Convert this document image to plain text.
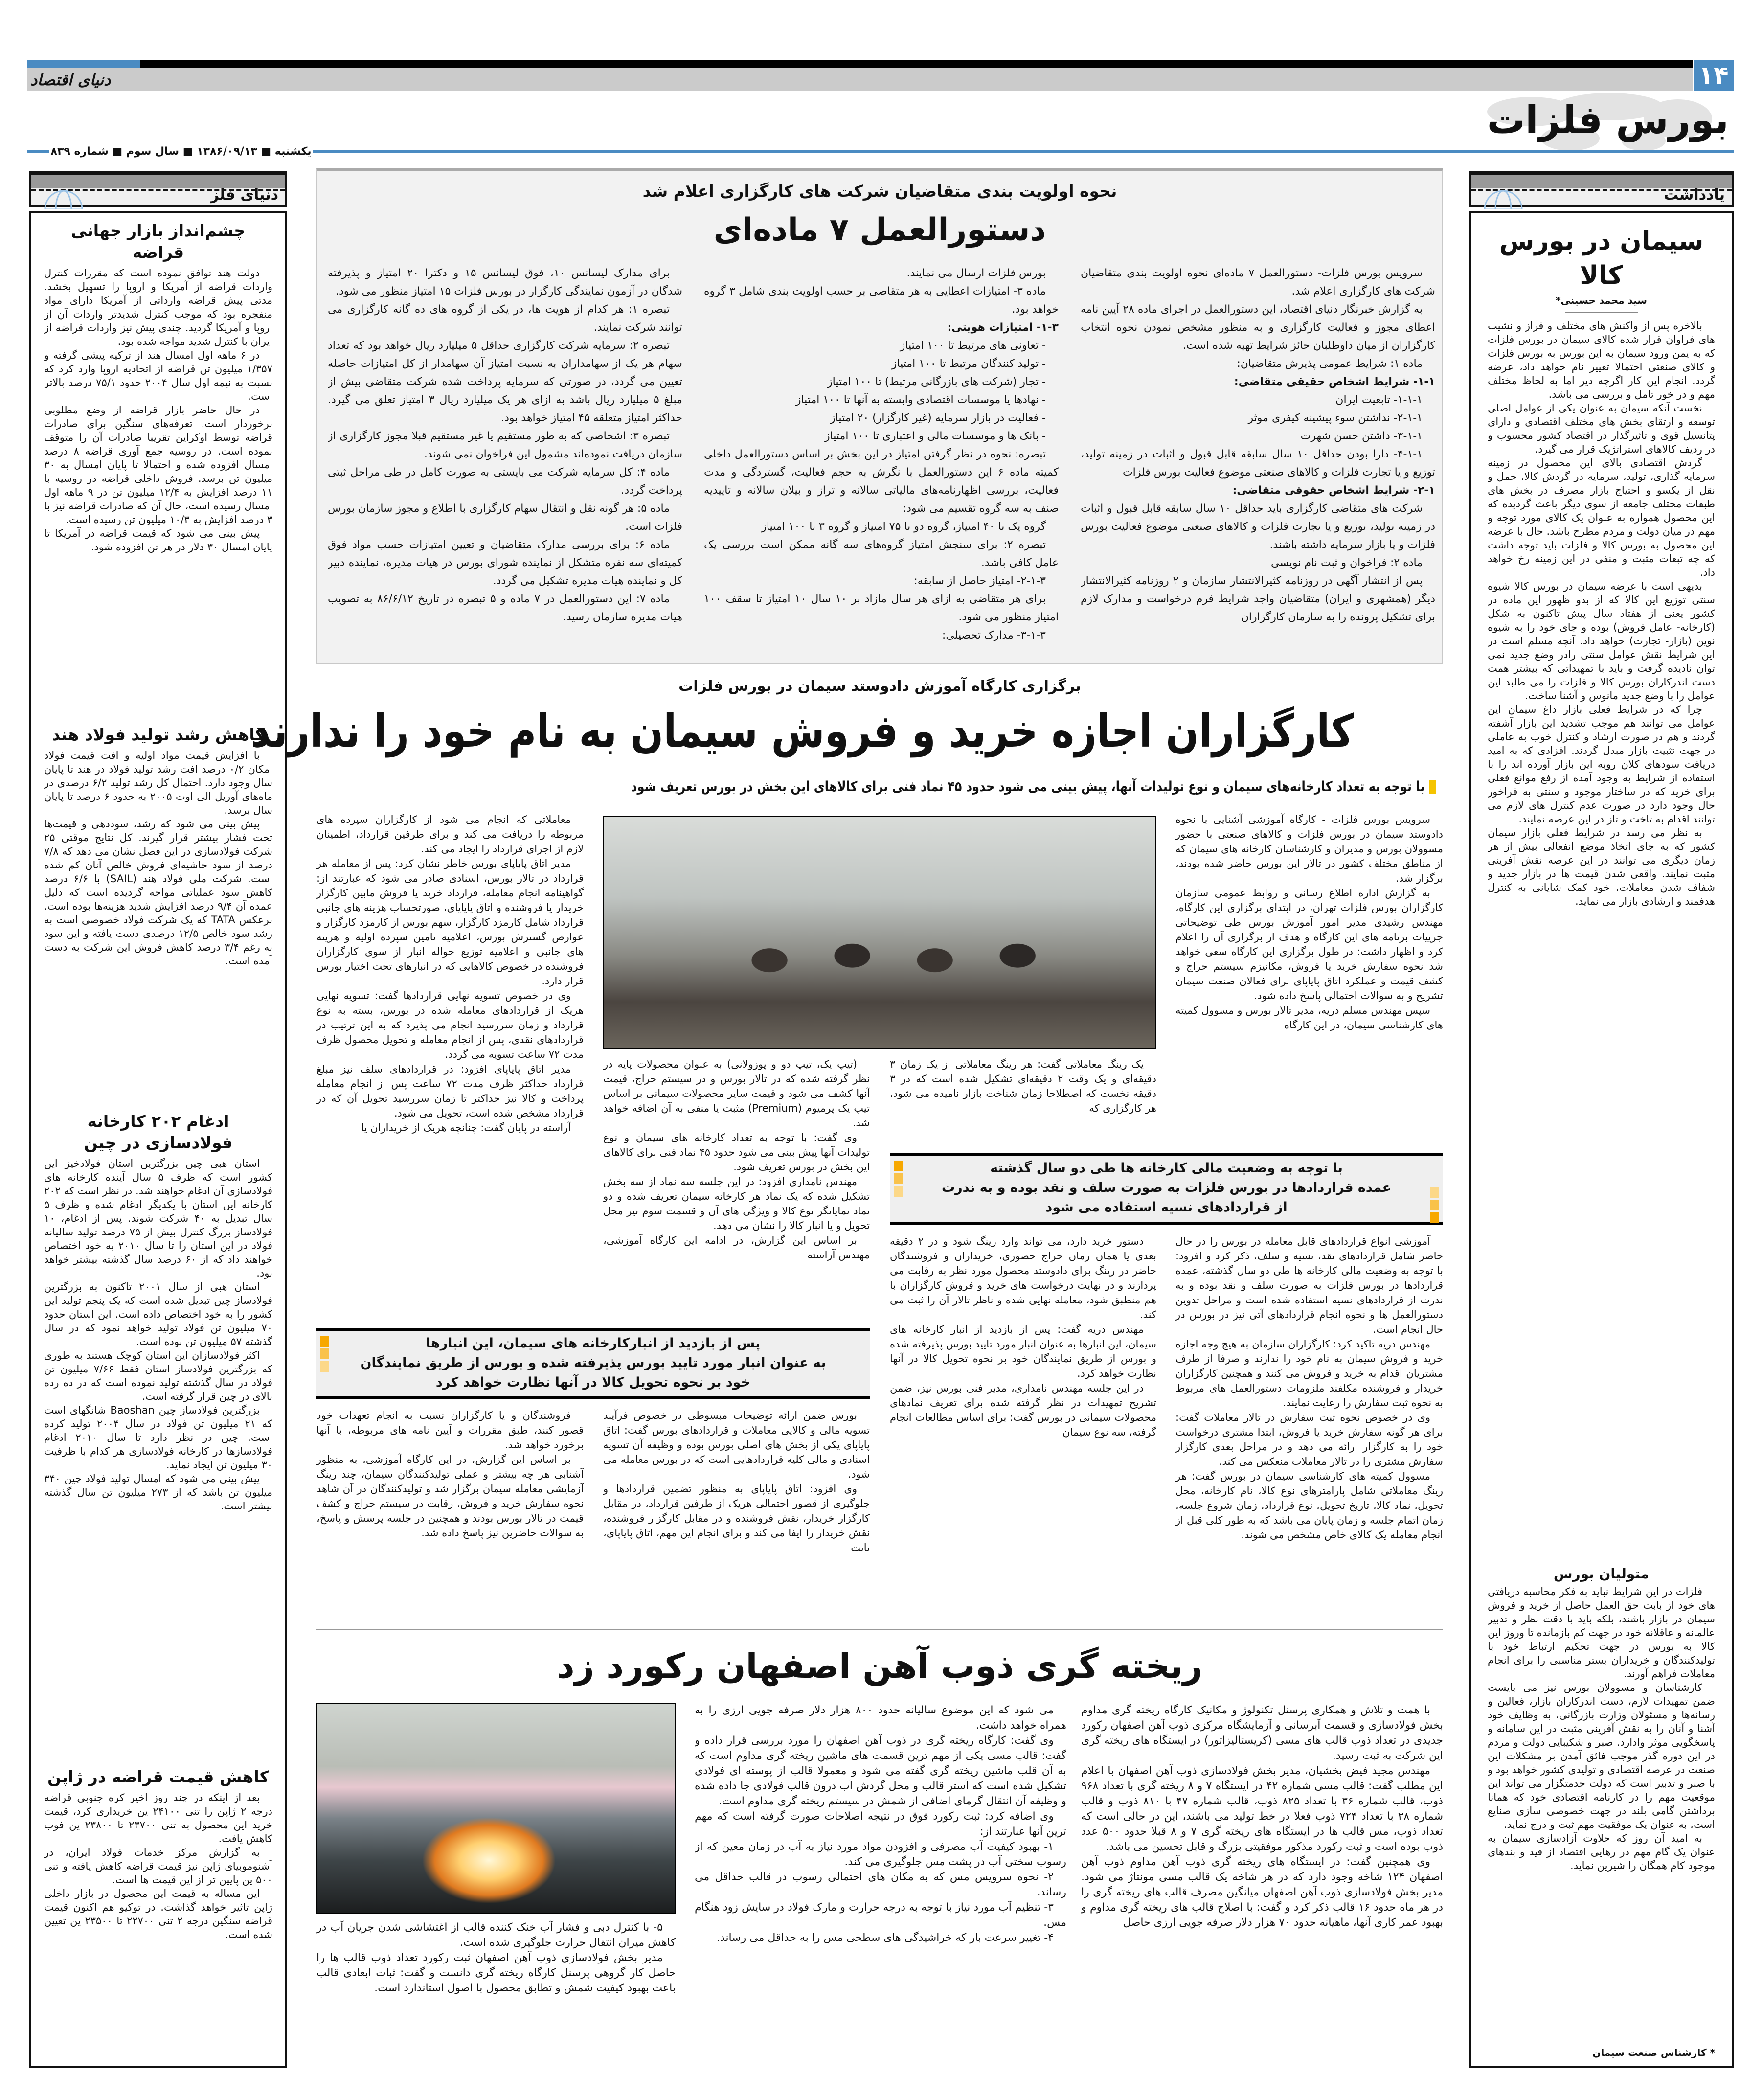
۱۴
دنیای اقتصاد
بورس فلزات
یکشنبه ■ ۱۳۸۶/۰۹/۱۳ ■ سال سوم ■ شماره ۸۳۹
دنیای فلز
چشم‌انداز بازار جهانی قراضه

دولت هند توافق نموده است که مقررات کنترل واردات قراضه از آمریکا و اروپا را تسهیل بخشد. مدتی پیش قراضه وارداتی از آمریکا دارای مواد منفجره بود که موجب کنترل شدیدتر واردات آن از اروپا و آمریکا گردید. چندی پیش نیز واردات قراضه از ایران با کنترل شدید مواجه شده بود.

در ۶ ماهه اول امسال هند از ترکیه پیشی گرفته و ۱/۳۵۷ میلیون تن قراضه از اتحادیه اروپا وارد کرد که نسبت به نیمه اول سال ۲۰۰۴ حدود ۷۵/۱ درصد بالاتر است.

در حال حاضر بازار قراضه از وضع مطلوبی برخوردار است. تعرفه‌های سنگین برای صادرات قراضه توسط اوکراین تقریبا صادرات آن را متوقف نموده است. در روسیه جمع آوری قراضه ۸ درصد امسال افزوده شده و احتمالا تا پایان امسال به ۳۰ میلیون تن برسد. فروش داخلی قراضه در روسیه با ۱۱ درصد افزایش به ۱۲/۴ میلیون تن در ۹ ماهه اول امسال رسیده است، حال آن که صادرات قراضه نیز با ۳ درصد افزایش به ۱۰/۳ میلیون تن رسیده است.

پیش بینی می شود که قیمت قراضه در آمریکا تا پایان امسال ۳۰ دلار در هر تن افزوده شود.

کاهش رشد تولید فولاد هند

با افزایش قیمت مواد اولیه و افت قیمت فولاد امکان ۰/۲ درصد افت رشد تولید فولاد در هند تا پایان سال وجود دارد. احتمال کل رشد تولید ۶/۲ درصدی در ماه‌های آوریل الی اوت ۲۰۰۵ به حدود ۶ درصد تا پایان سال برسد.

پیش بینی می شود که رشد، سوددهی و قیمت‌ها تحت فشار بیشتر قرار گیرند. کل نتایج موقتی ۲۵ شرکت فولادسازی در این فصل نشان می دهد که ۷/۸ درصد از سود حاشیه‌ای فروش خالص آنان کم شده است. شرکت ملی فولاد هند (SAIL) با ۶/۶ درصد کاهش سود عملیاتی مواجه گردیده است که دلیل عمده آن ۹/۴ درصد افزایش شدید هزینه‌ها بوده است. برعکس TATA که یک شرکت فولاد خصوصی است به رشد سود خالص ۱۲/۵ درصدی دست یافته و این سود به رغم ۳/۴ درصد کاهش فروش این شرکت به دست آمده است.

ادغام ۲۰۲ کارخانه فولادسازی در چین

استان هبی چین بزرگترین استان فولادخیز این کشور است که ظرف ۵ سال آینده کارخانه های فولادسازی آن ادغام خواهند شد. در نظر است که ۲۰۲ کارخانه این استان با یکدیگر ادغام شده و ظرف ۵ سال تبدیل به ۴۰ شرکت شوند. پس از ادغام، ۱۰ فولادساز بزرگ کنترل بیش از ۷۵ درصد تولید سالیانه فولاد در این استان را تا سال ۲۰۱۰ به خود اختصاص خواهند داد که از ۶۰ درصد سال گذشته بیشتر خواهد بود.

استان هبی از سال ۲۰۰۱ تاکنون به بزرگترین فولادساز چین تبدیل شده است که یک پنجم تولید این کشور را به خود اختصاص داده است. این استان حدود ۷۰ میلیون تن فولاد تولید خواهد نمود که در سال گذشته ۵۷ میلیون تن بوده است.

اکثر فولادسازان این استان کوچک هستند به طوری که بزرگترین فولادساز استان فقط ۷/۶۶ میلیون تن فولاد در سال گذشته تولید نموده است که در ده رده بالای در چین قرار گرفته است.

بزرگترین فولادساز چین Baoshan شانگهای است که ۲۱ میلیون تن فولاد در سال ۲۰۰۴ تولید کرده است. چین در نظر دارد تا سال ۲۰۱۰ ادغام فولادسازها در کارخانه فولادسازی هر کدام با ظرفیت ۳۰ میلیون تن ایجاد نماید.

پیش بینی می شود که امسال تولید فولاد چین ۳۴۰ میلیون تن باشد که از ۲۷۳ میلیون تن سال گذشته بیشتر است.

کاهش قیمت قراضه در ژاپن

بعد از اینکه در چند روز اخیر کره جنوبی قراضه درجه ۲ ژاپن را تنی ۲۴۱۰۰ ین خریداری کرد، قیمت خرید این محصول به تنی ۲۳۷۰۰ تا ۲۳۸۰۰ ین فوب کاهش یافت.

به گزارش مرکز خدمات فولاد ایران، در آشنوموبیای ژاپن نیز قیمت قراضه کاهش یافته و تنی ۵۰۰ ین پایین تر از این قیمت ها است.

این مساله به قیمت این محصول در بازار داخلی ژاپن تاثیر خواهد گذاشت. در توکیو هم اکنون قیمت قراضه سنگین درجه ۲ تنی ۲۲۷۰۰ تا ۲۳۵۰۰ ین تعیین شده است.

یادداشت
سیمان در بورس کالا
سید محمد حسینی*

بالاخره پس از واکنش های مختلف و فراز و نشیب های فراوان قرار شده کالای سیمان در بورس فلزات که به یمن ورود سیمان به این بورس به بورس فلزات و کالای صنعتی احتمالا تغییر نام خواهد داد، عرضه گردد. انجام این کار اگرچه دیر اما به لحاظ مختلف مهم و در خور تامل و بررسی می باشد.

نخست آنکه سیمان به عنوان یکی از عوامل اصلی توسعه و ارتقای بخش های مختلف اقتصادی و دارای پتانسیل قوی و تاثیرگذار در اقتصاد کشور محسوب و در ردیف کالاهای استراتژیک قرار می گیرد.

گردش اقتصادی بالای این محصول در زمینه سرمایه گذاری، تولید، سرمایه در گردش کالا، حمل و نقل از یکسو و احتیاج بازار مصرف در بخش های طبقات مختلف جامعه از سوی دیگر باعث گردیده که این محصول همواره به عنوان یک کالای مورد توجه و مهم در میان دولت و مردم مطرح باشد. حال با عرضه این محصول به بورس کالا و فلزات باید توجه داشت که چه تبعات مثبت و منفی در این زمینه رخ خواهد داد.

بدیهی است با عرضه سیمان در بورس کالا شیوه سنتی توزیع این کالا که از بدو ظهور این ماده در کشور یعنی از هفتاد سال پیش تاکنون به شکل (کارخانه- عامل فروش) بوده و جای خود را به شیوه نوین (بازار- تجارت) خواهد داد. آنچه مسلم است در این شرایط نقش عوامل سنتی رادر وضع جدید نمی توان نادیده گرفت و باید با تمهیداتی که بیشتر همت دست اندرکاران بورس کالا و فلزات را می طلبد این عوامل را با وضع جدید مانوس و آشنا ساخت.

چرا که در شرایط فعلی بازار داغ سیمان این عوامل می توانند هم موجب تشدید این بازار آشفته گردند و هم در صورت ارشاد و کنترل خوب به عاملی در جهت تثبیت بازار مبدل گردند. افزادی که به امید دریافت سودهای کلان روبه این بازار آورده اند را با استفاده از شرایط به وجود آمده از رفع موانع فعلی برای خرید که در ساختار موجود و سنتی به فراخور حال وجود دارد در صورت عدم کنترل های لازم می توانند اقدام به تاخت و تاز در این عرصه نمایند.

به نظر می رسد در شرایط فعلی بازار سیمان کشور که به جای اتخاذ موضع انفعالی بیش از هر زمان دیگری می توانند در این عرصه نقش آفرینی مثبت نمایند. واقعی شدن قیمت ها در بازار جدید و شفاف شدن معاملات، خود کمک شایانی به کنترل هدفمند و ارشادی بازار می نماید.

متولیان بورس

فلزات در این شرایط نباید به فکر محاسبه دریافتی های خود از بابت حق العمل حاصل از خرید و فروش سیمان در بازار باشند، بلکه باید با دقت نظر و تدبیر عالمانه و عاقلانه خود در جهت کم بازمانده تا وروز این کالا به بورس در جهت تحکیم ارتباط خود با تولیدکنندگان و خریداران بستر مناسبی را برای انجام معاملات فراهم آورند.

کارشناسان و مسوولان بورس نیز می بایست ضمن تمهیدات لازم، دست اندرکاران بازار، فعالین و رسانه‌ها و مسئولان وزارت بازرگانی، به وظایف خود آشنا و آنان را به نقش آفرینی مثبت در این سامانه و پاسخگویی موثر وادارد. صبر و شکیبایی دولت و مردم در این دوره گذر موجب فائق آمدن بر مشکلات این صنعت در عرصه اقتصادی و تولیدی کشور خواهد بود و با صبر و تدبیر است که دولت خدمتگزار می تواند این موقعیت مهم را در کارنامه اقتصادی خود که همانا برداشتن گامی بلند در جهت خصوصی سازی صنایع است، به عنوان یک موفقیت مهم ثبت و درج نماید.

به امید آن روز که حلاوت آزادسازی سیمان به عنوان یک گام مهم در رهایی اقتصاد از قید و بندهای موجود کام همگان را شیرین نماید.

* کارشناس صنعت سیمان
نحوه اولویت بندی متقاضیان شرکت های کارگزاری اعلام شد
دستورالعمل ۷ ماده‌ای

سرویس بورس فلزات- دستورالعمل ۷ ماده‌ای نحوه اولویت بندی متقاضیان شرکت های کارگزاری اعلام شد.

به گزارش خبرنگار دنیای اقتصاد، این دستورالعمل در اجرای ماده ۲۸ آیین نامه اعطای مجوز و فعالیت کارگزاری و به منظور مشخص نمودن نحوه انتخاب کارگزاران از میان داوطلبان حائز شرایط تهیه شده است.

ماده ۱: شرایط عمومی پذیرش متقاضیان:

۱-۱- شرایط اشخاص حقیقی متقاضی:

۱-۱-۱- تابعیت ایران

۲-۱-۱- نداشتن سوء پیشینه کیفری موثر

۳-۱-۱- داشتن حسن شهرت

۴-۱-۱- دارا بودن حداقل ۱۰ سال سابقه قابل قبول و اثبات در زمینه تولید، توزیع و یا تجارت فلزات و کالاهای صنعتی موضوع فعالیت بورس فلزات

۲-۱- شرایط اشخاص حقوقی متقاضی:

شرکت های متقاضی کارگزاری باید حداقل ۱۰ سال سابقه قابل قبول و اثبات در زمینه تولید، توزیع و یا تجارت فلزات و کالاهای صنعتی موضوع فعالیت بورس فلزات و یا بازار سرمایه داشته باشند.

ماده ۲: فراخوان و ثبت نام نویسی

پس از انتشار آگهی در روزنامه کثیرالانتشار سازمان و ۲ روزنامه کثیرالانتشار دیگر (همشهری و ایران) متقاضیان واجد شرایط فرم درخواست و مدارک لازم برای تشکیل پرونده را به سازمان کارگزاران

بورس فلزات ارسال می نمایند.

ماده ۳- امتیازات اعطایی به هر متقاضی بر حسب اولویت بندی شامل ۳ گروه خواهد بود.

۱-۳- امتیازات هویتی:

- تعاونی های مرتبط تا ۱۰۰ امتیاز

- تولید کنندگان مرتبط تا ۱۰۰ امتیاز

- تجار (شرکت های بازرگانی مرتبط) تا ۱۰۰ امتیاز

- نهادها یا موسسات اقتصادی وابسته به آنها تا ۱۰۰ امتیاز

- فعالیت در بازار سرمایه (غیر کارگزار) ۲۰ امتیاز

- بانک ها و موسسات مالی و اعتباری تا ۱۰۰ امتیاز

تبصره: نحوه در نظر گرفتن امتیاز در این بخش بر اساس دستورالعمل داخلی کمیته ماده ۶ این دستورالعمل با نگرش به حجم فعالیت، گستردگی و مدت فعالیت، بررسی اظهارنامه‌های مالیاتی سالانه و تراز و بیلان سالانه و تاییدیه صنف به سه گروه تقسیم می شود:

گروه یک تا ۴۰ امتیاز، گروه دو تا ۷۵ امتیاز و گروه ۳ تا ۱۰۰ امتیاز

تبصره ۲: برای سنجش امتیاز گروه‌های سه گانه ممکن است بررسی یک عامل کافی باشد.

۲-۱-۳- امتیاز حاصل از سابقه:

برای هر متقاضی به ازای هر سال مازاد بر ۱۰ سال ۱۰ امتیاز تا سقف ۱۰۰ امتیاز منظور می شود.

۳-۱-۳- مدارک تحصیلی:

برای مدارک لیسانس ۱۰، فوق لیسانس ۱۵ و دکترا ۲۰ امتیاز و پذیرفته شدگان در آزمون نمایندگی کارگزار در بورس فلزات ۱۵ امتیاز منظور می شود.

تبصره ۱: هر کدام از هویت ها، در یکی از گروه های ده گانه کارگزاری می توانند شرکت نمایند.

تبصره ۲: سرمایه شرکت کارگزاری حداقل ۵ میلیارد ریال خواهد بود که تعداد سهام هر یک از سهامداران به نسبت امتیاز آن سهامدار از کل امتیازات حاصله تعیین می گردد، در صورتی که سرمایه پرداخت شده شرکت متقاضی بیش از مبلغ ۵ میلیارد ریال باشد به ازای هر یک میلیارد ریال ۳ امتیاز تعلق می گیرد. حداکثر امتیاز متعلقه ۴۵ امتیاز خواهد بود.

تبصره ۳: اشخاصی که به طور مستقیم یا غیر مستقیم قبلا مجوز کارگزاری از سازمان دریافت نموده‌اند مشمول این فراخوان نمی شوند.

ماده ۴: کل سرمایه شرکت می بایستی به صورت کامل در طی مراحل ثبتی پرداخت گردد.

ماده ۵: هر گونه نقل و انتقال سهام کارگزاری با اطلاع و مجوز سازمان بورس فلزات است.

ماده ۶: برای بررسی مدارک متقاضیان و تعیین امتیازات حسب مواد فوق کمیته‌ای سه نفره متشکل از نماینده شورای بورس در هیات مدیره، نماینده دبیر کل و نماینده هیات مدیره تشکیل می گردد.

ماده ۷: این دستورالعمل در ۷ ماده و ۵ تبصره در تاریخ ۸۶/۶/۱۲ به تصویب هیات مدیره سازمان رسید.

برگزاری کارگاه آموزش دادوستد سیمان در بورس فلزات
کارگزاران اجازه خرید و فروش سیمان به نام خود را ندارند
با توجه به تعداد کارخانه‌های سیمان و نوع تولیدات آنها، پیش بینی می شود حدود ۴۵ نماد فنی برای کالاهای این بخش در بورس تعریف شود

سرویس بورس فلزات - کارگاه آموزشی آشنایی با نحوه دادوستد سیمان در بورس فلزات و کالاهای صنعتی با حضور مسوولان بورس و مدیران و کارشناسان کارخانه های سیمان که از مناطق مختلف کشور در تالار این بورس حاضر شده بودند، برگزار شد.

به گزارش اداره اطلاع رسانی و روابط عمومی سازمان کارگزاران بورس فلزات تهران، در ابتدای برگزاری این کارگاه، مهندس رشیدی مدیر امور آموزش بورس طی توضیحاتی جزییات برنامه های این کارگاه و هدف از برگزاری آن را اعلام کرد و اظهار داشت: در طول برگزاری این کارگاه سعی خواهد شد نحوه سفارش خرید یا فروش، مکانیزم سیستم حراج و کشف قیمت و عملکرد اتاق پایاپای برای فعالان صنعت سیمان تشریح و به سوالات احتمالی پاسخ داده شود.

سپس مهندس مسلم دریه، مدیر تالار بورس و مسوول کمیته های کارشناسی سیمان، در این کارگاه

یک رینگ معاملاتی گفت: هر رینگ معاملاتی از یک زمان ۳ دقیقه‌ای و یک وقت ۲ دقیقه‌ای تشکیل شده است که در ۳ دقیقه نخست که اصطلاحا زمان شناخت بازار نامیده می شود، هر کارگزاری که

(تیپ یک، تیپ دو و پوزولانی) به عنوان محصولات پایه در نظر گرفته شده که در تالار بورس و در سیستم حراج، قیمت آنها کشف می شود و قیمت سایر محصولات سیمانی بر اساس تیپ یک پرمیوم (Premium) مثبت یا منفی به آن اضافه خواهد شد.

وی گفت: با توجه به تعداد کارخانه های سیمان و نوع تولیدات آنها پیش بینی می شود حدود ۴۵ نماد فنی برای کالاهای این بخش در بورس تعریف شود.

مهندس نامداری افزود: در این جلسه سه نماد از سه بخش تشکیل شده که یک نماد هر کارخانه سیمان تعریف شده و دو نماد نمایانگر نوع کالا و ویژگی های آن و قسمت سوم نیز محل تحویل و یا انبار کالا را نشان می دهد.

بر اساس این گزارش، در ادامه این کارگاه آموزشی، مهندس آراسته

معاملاتی که انجام می شود از کارگزاران سپرده های مربوطه را دریافت می کند و برای طرفین قرارداد، اطمینان لازم از اجرای قرارداد را ایجاد می کند.

مدیر اتاق پایاپای بورس خاطر نشان کرد: پس از معامله هر قرارداد در تالار بورس، اسنادی صادر می شود که عبارتند از: گواهینامه انجام معامله، قرارداد خرید یا فروش مابین کارگزار خریدار یا فروشنده و اتاق پایاپای، صورتحساب هزینه های جانبی قرارداد شامل کارمزد کارگزار، سهم بورس از کارمزد کارگزار و عوارض گسترش بورس، اعلامیه تامین سپرده اولیه و هزینه های جانبی و اعلامیه توزیع حواله انبار از سوی کارگزاران فروشنده در خصوص کالاهایی که در انبارهای تحت اختیار بورس قرار دارد.

وی در خصوص تسویه نهایی قراردادها گفت: تسویه نهایی هریک از قراردادهای معامله شده در بورس، بسته به نوع قرارداد و زمان سررسید انجام می پذیرد که به این ترتیب در قراردادهای نقدی، پس از انجام معامله و تحویل محصول ظرف مدت ۷۲ ساعت تسویه می گردد.

مدیر اتاق پایاپای افزود: در قراردادهای سلف نیز مبلغ قرارداد حداکثر ظرف مدت ۷۲ ساعت پس از انجام معامله پرداخت و کالا نیز حداکثر تا زمان سررسید تحویل آن که در قرارداد مشخص شده است، تحویل می شود.

آراسته در پایان گفت: چنانچه هریک از خریداران یا

با توجه به وضعیت مالی کارخانه ها طی دو سال گذشته
عمده قراردادها در بورس فلزات به صورت سلف و نقد بوده و به ندرت
از قراردادهای نسیه استفاده می شود

آموزشی انواع قراردادهای قابل معامله در بورس را در حال حاضر شامل قراردادهای نقد، نسیه و سلف، ذکر کرد و افزود: با توجه به وضعیت مالی کارخانه ها طی دو سال گذشته، عمده قراردادها در بورس فلزات به صورت سلف و نقد بوده و به ندرت از قراردادهای نسیه استفاده شده است و مراحل تدوین دستورالعمل ها و نحوه انجام قراردادهای آتی نیز در بورس در حال انجام است.

مهندس دریه تاکید کرد: کارگزاران سازمان به هیچ وجه اجازه خرید و فروش سیمان به نام خود را ندارند و صرفا از طرف مشتریان اقدام به خرید و فروش می کنند و همچنین کارگزاران خریدار و فروشنده مکلفند ملزومات دستورالعمل های مربوط به نحوه ثبت سفارش را رعایت نمایند.

وی در خصوص نحوه ثبت سفارش در تالار معاملات گفت: برای هر گونه سفارش خرید یا فروش، ابتدا مشتری درخواست خود را به کارگزار ارائه می دهد و در مراحل بعدی کارگزار سفارش مشتری را در تالار معاملات منعکس می کند.

مسوول کمیته های کارشناسی سیمان در بورس گفت: هر رینگ معاملاتی شامل پارامترهای نوع کالا، نام کارخانه، محل تحویل، نماد کالا، تاریخ تحویل، نوع قرارداد، زمان شروع جلسه، زمان اتمام جلسه و زمان پایان می باشد که به طور کلی قبل از انجام معامله یک کالای خاص مشخص می شوند.

دستور خرید دارد، می تواند وارد رینگ شود و در ۲ دقیقه بعدی یا همان زمان حراج حضوری، خریداران و فروشندگان حاضر در رینگ برای دادوستد محصول مورد نظر به رقابت می پردازند و در نهایت درخواست های خرید و فروش کارگزاران با هم منطبق شود، معامله نهایی شده و ناظر تالار آن را ثبت می کند.

مهندس دریه گفت: پس از بازدید از انبار کارخانه های سیمان، این انبارها به عنوان انبار مورد تایید بورس پذیرفته شده و بورس از طریق نمایندگان خود بر نحوه تحویل کالا در آنها نظارت خواهد کرد.

در این جلسه مهندس نامداری، مدیر فنی بورس نیز، ضمن تشریح تمهیدات در نظر گرفته شده برای تعریف نمادهای محصولات سیمانی در بورس گفت: برای اساس مطالعات انجام گرفته، سه نوع سیمان

پس از بازدید از انبارکارخانه های سیمان، این انبارها
به عنوان انبار مورد تایید بورس پذیرفته شده و بورس از طریق نمایندگان
خود بر نحوه تحویل کالا در آنها نظارت خواهد کرد

بورس ضمن ارائه توضیحات مبسوطی در خصوص فرآیند تسویه مالی و کالایی معاملات و قراردادهای بورس گفت: اتاق پایاپای یکی از بخش های اصلی بورس بوده و وظیفه آن تسویه اسنادی و مالی کلیه قراردادهایی است که در بورس معامله می شود.

وی افزود: اتاق پایاپای به منظور تضمین قراردادها و جلوگیری از قصور احتمالی هریک از طرفین قرارداد، در مقابل کارگزار خریدار، نقش فروشنده و در مقابل کارگزار فروشنده، نقش خریدار را ایفا می کند و برای انجام این مهم، اتاق پایاپای، بابت

فروشندگان و یا کارگزاران نسبت به انجام تعهدات خود قصور کنند، طبق مقررات و آیین نامه های مربوطه، با آنها برخورد خواهد شد.

بر اساس این گزارش، در این کارگاه آموزشی، به منظور آشنایی هر چه بیشتر و عملی تولیدکنندگان سیمان، چند رینگ آزمایشی معامله سیمان برگزار شد و تولیدکنندگان در آن شاهد نحوه سفارش خرید و فروش، رقابت در سیستم حراج و کشف قیمت در تالار بورس بودند و همچنین در جلسه پرسش و پاسخ، به سوالات حاضرین نیز پاسخ داده شد.

ریخته گری ذوب آهن اصفهان رکورد زد

با همت و تلاش و همکاری پرسنل تکنولوژ و مکانیک کارگاه ریخته گری مداوم بخش فولادسازی و قسمت آبرسانی و آزمایشگاه مرکزی ذوب آهن اصفهان رکورد جدیدی در تعداد ذوب قالب های مسی (کریستالیزاتور) در ایستگاه های ریخته گری این شرکت به ثبت رسید.

مهندس مجید فیض بخشیان، مدیر بخش فولادسازی ذوب آهن اصفهان با اعلام این مطلب گفت: قالب مسی شماره ۴۲ در ایستگاه ۷ و ۸ ریخته گری با تعداد ۹۶۸ ذوب، قالب شماره ۳۶ با تعداد ۸۲۵ ذوب، قالب شماره ۴۷ با ۸۱۰ ذوب و قالب شماره ۳۸ با تعداد ۷۲۴ ذوب فعلا در خط تولید می باشند، این در حالی است که تعداد ذوب، مس قالب ها در ایستگاه های ریخته گری ۷ و ۸ قبلا حدود ۵۰۰ عدد ذوب بوده است و ثبت رکورد مذکور موفقیتی بزرگ و قابل تحسین می باشد.

وی همچنین گفت: در ایستگاه های ریخته گری ذوب آهن مداوم ذوب آهن اصفهان ۱۲۴ شاخه وجود دارد که در هر شاخه یک قالب مسی مونتاژ می شود. مدیر بخش فولادسازی ذوب آهن اصفهان میانگین مصرف قالب های ریخته گری را در هر ماه حدود ۱۶ قالب ذکر کرد و گفت: با اصلاح قالب های ریخته گری مداوم و بهبود عمر کاری آنها، ماهیانه حدود ۷۰ هزار دلار صرفه جویی ارزی حاصل

می شود که این موضوع سالیانه حدود ۸۰۰ هزار دلار صرفه جویی ارزی را به همراه خواهد داشت.

وی گفت: کارگاه ریخته گری در ذوب آهن اصفهان را مورد بررسی قرار داده و گفت: قالب مسی یکی از مهم ترین قسمت های ماشین ریخته گری مداوم است که به آن قلب ماشین ریخته گری گفته می شود و معمولا قالب از پوسته ای فولادی تشکیل شده است که آستر قالب و محل گردش آب درون قالب فولادی جا داده شده و وظیفه آن انتقال گرمای اضافی از شمش در سیستم ریخته گری مداوم است.

وی اضافه کرد: ثبت رکورد فوق در نتیجه اصلاحات صورت گرفته است که مهم ترین آنها عبارتند از:

۱- بهبود کیفیت آب مصرفی و افزودن مواد مورد نیاز به آب در زمان معین که از رسوب سختی آب در پشت مس جلوگیری می کند.

۲- نحوه سرویس مس که به مکان های احتمالی رسوب در قالب حداقل می رساند.

۳- تنظیم آب مورد نیاز با توجه به درجه حرارت و مارک فولاد در سایش زود هنگام مس.

۴- تغییر سرعت بار که خراشیدگی های سطحی مس را به حداقل می رساند.

۵- با کنترل دبی و فشار آب خنک کننده قالب از اغتشاشی شدن جریان آب در کاهش میزان انتقال حرارت جلوگیری شده است.

مدیر بخش فولادسازی ذوب آهن اصفهان ثبت رکورد تعداد ذوب قالب ها را حاصل کار گروهی پرسنل کارگاه ریخته گری دانست و گفت: ثبات ابعادی قالب باعث بهبود کیفیت شمش و تطابق محصول با اصول استاندارد است.
